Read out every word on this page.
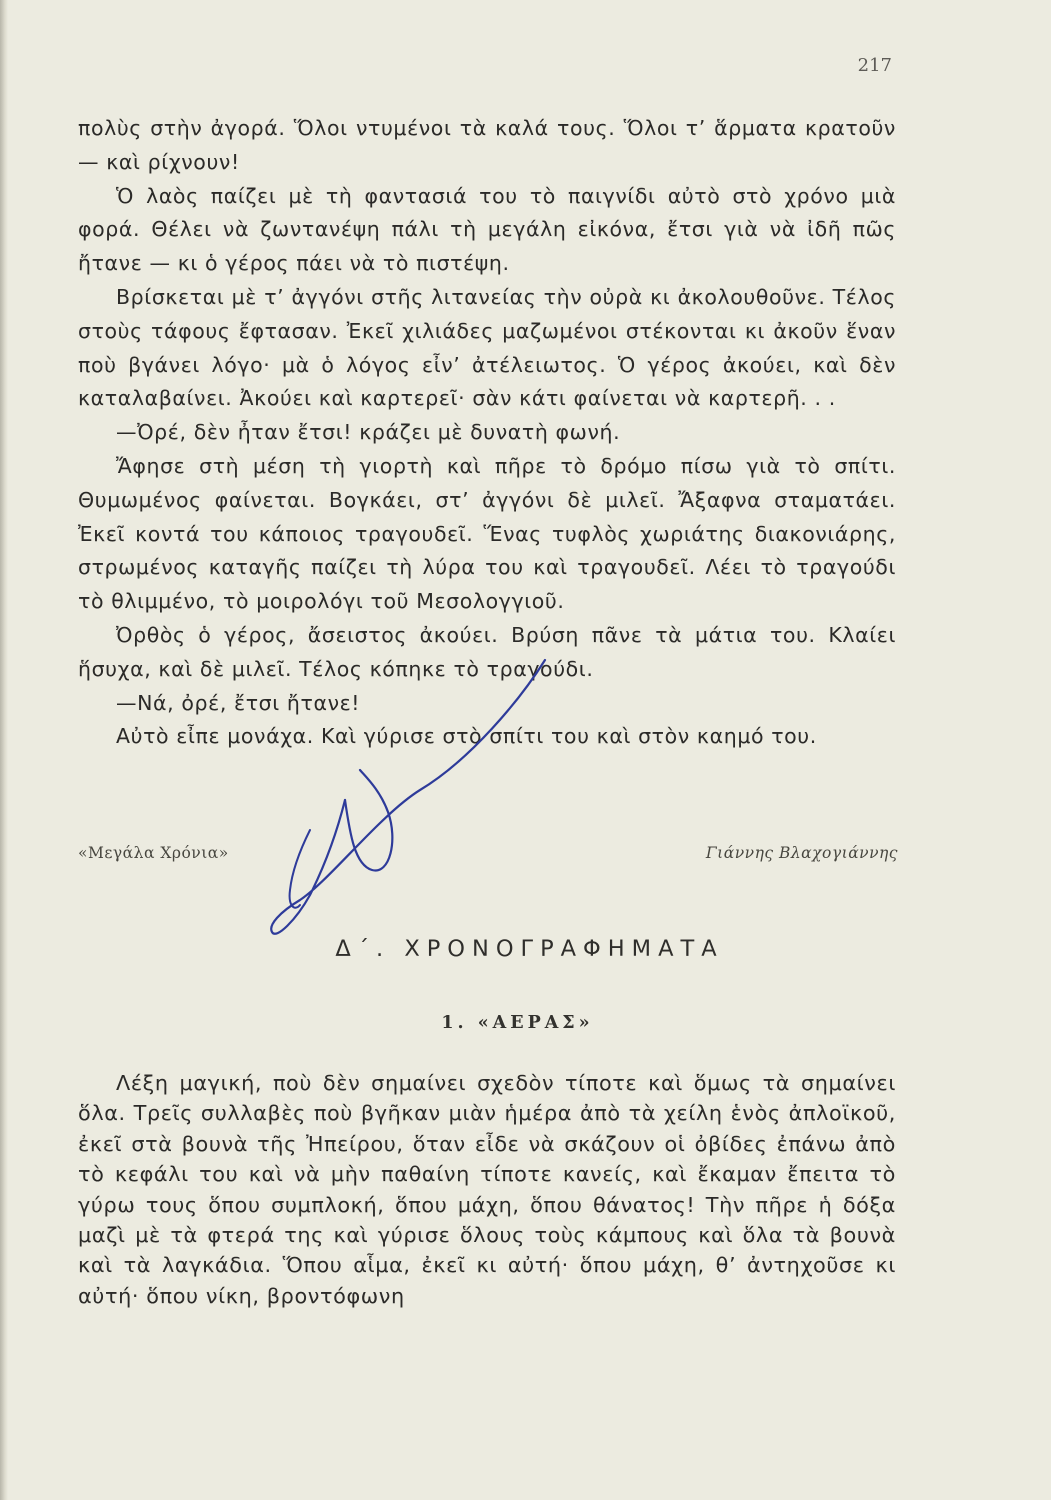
217

πολὺς στὴν ἀγορά. Ὅλοι ντυμένοι τὰ καλά τους. Ὅλοι τ’ ἅρματα κρατοῦν — καὶ ρίχνουν!

Ὁ λαὸς παίζει μὲ τὴ φαντασιά του τὸ παιγνίδι αὐτὸ στὸ χρόνο μιὰ φορά. Θέλει νὰ ζωντανέψη πάλι τὴ μεγάλη εἰκόνα, ἔτσι γιὰ νὰ ἰδῆ πῶς ἤτανε — κι ὁ γέρος πάει νὰ τὸ πιστέψη.

Βρίσκεται μὲ τ’ ἀγγόνι στῆς λιτανείας τὴν οὐρὰ κι ἀκολουθοῦνε. Τέλος στοὺς τάφους ἔφτασαν. Ἐκεῖ χιλιάδες μαζωμένοι στέκονται κι ἀκοῦν ἕναν ποὺ βγάνει λόγο· μὰ ὁ λόγος εἶν’ ἀτέλειωτος. Ὁ γέρος ἀκούει, καὶ δὲν καταλαβαίνει. Ἀκούει καὶ καρτερεῖ· σὰν κάτι φαίνεται νὰ καρτερῆ. . .

—Ὀρέ, δὲν ἦταν ἔτσι! κράζει μὲ δυνατὴ φωνή.

Ἄφησε στὴ μέση τὴ γιορτὴ καὶ πῆρε τὸ δρόμο πίσω γιὰ τὸ σπίτι. Θυμωμένος φαίνεται. Βογκάει, στ’ ἀγγόνι δὲ μιλεῖ. Ἄξαφνα σταματάει. Ἐκεῖ κοντά του κάποιος τραγουδεῖ. Ἕνας τυφλὸς χωριάτης διακονιάρης, στρωμένος καταγῆς παίζει τὴ λύρα του καὶ τραγουδεῖ. Λέει τὸ τραγούδι τὸ θλιμμένο, τὸ μοιρολόγι τοῦ Μεσολογγιοῦ.

Ὀρθὸς ὁ γέρος, ἄσειστος ἀκούει. Βρύση πᾶνε τὰ μάτια του. Κλαίει ἥσυχα, καὶ δὲ μιλεῖ. Τέλος κόπηκε τὸ τραγούδι.

—Νά, ὀρέ, ἔτσι ἤτανε!

Αὐτὸ εἶπε μονάχα. Καὶ γύρισε στὸ σπίτι του καὶ στὸν καημό του.

«Μεγάλα Χρόνια»	Γιάννης Βλαχογιάννης
Δ΄. ΧΡΟΝΟΓΡΑΦΗΜΑΤΑ
1. «ΑΕΡΑΣ»

Λέξη μαγική, ποὺ δὲν σημαίνει σχεδὸν τίποτε καὶ ὅμως τὰ σημαίνει ὅλα. Τρεῖς συλλαβὲς ποὺ βγῆκαν μιὰν ἡμέρα ἀπὸ τὰ χείλη ἑνὸς ἀπλοϊκοῦ, ἐκεῖ στὰ βουνὰ τῆς Ἠπείρου, ὅταν εἶδε νὰ σκάζουν οἱ ὀβίδες ἐπάνω ἀπὸ τὸ κεφάλι του καὶ νὰ μὴν παθαίνη τίποτε κανείς, καὶ ἔκαμαν ἔπειτα τὸ γύρω τους ὅπου συμπλοκή, ὅπου μάχη, ὅπου θάνατος! Τὴν πῆρε ἡ δόξα μαζὶ μὲ τὰ φτερά της καὶ γύρισε ὅλους τοὺς κάμπους καὶ ὅλα τὰ βουνὰ καὶ τὰ λαγκάδια. Ὅπου αἷμα, ἐκεῖ κι αὐτή· ὅπου μάχη, θ’ ἀντηχοῦσε κι αὐτή· ὅπου νίκη, βροντόφωνη
